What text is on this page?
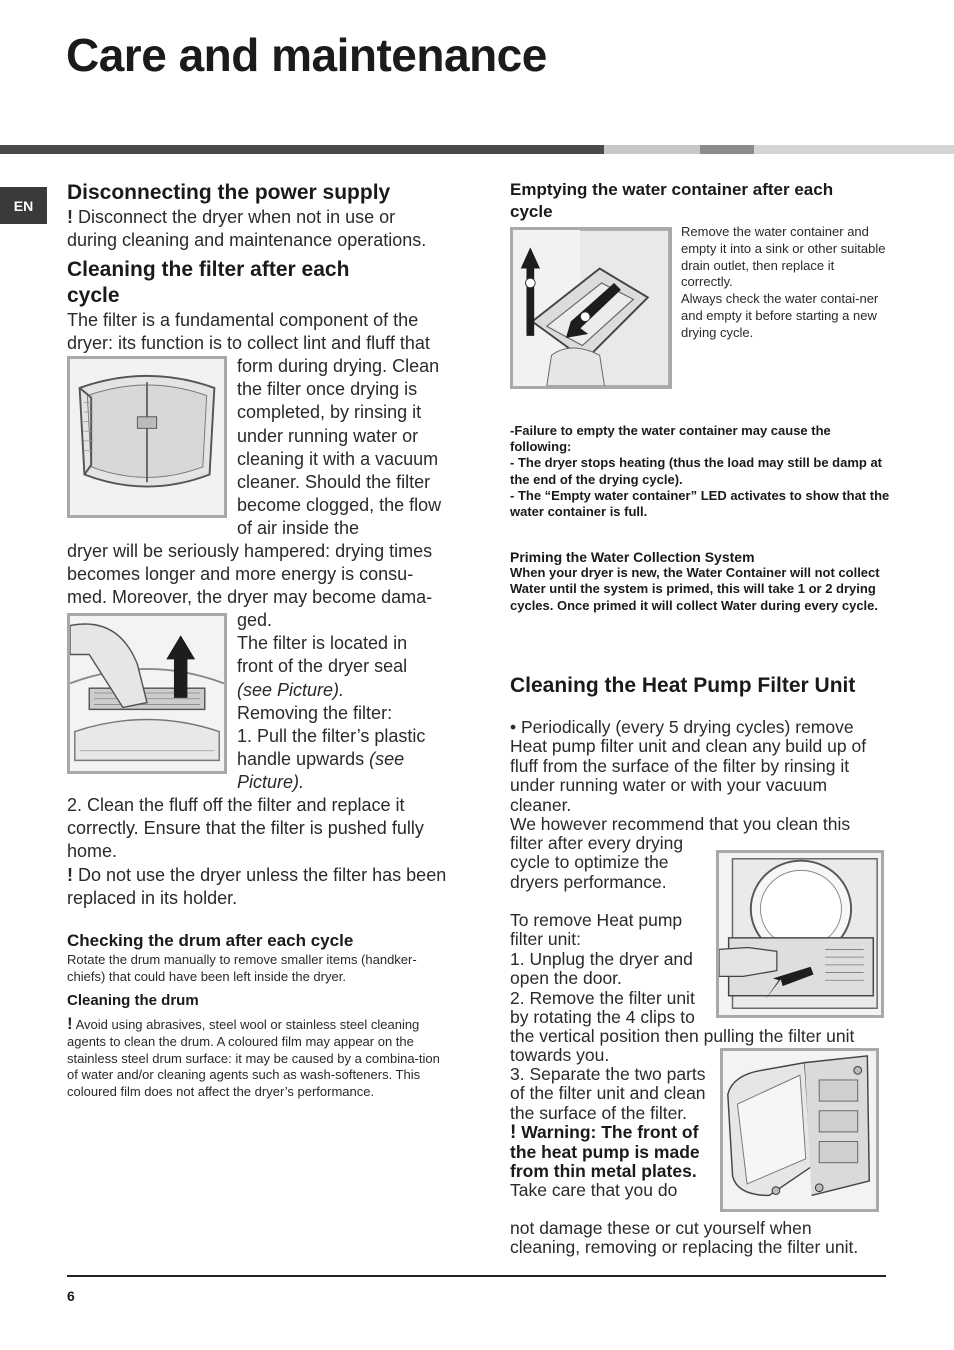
Care and maintenance
EN
Disconnecting the power supply

! Disconnect the dryer when not in use or during cleaning and maintenance operations.

Cleaning the filter after each cycle

The filter is a fundamental component of the dryer: its function is to collect lint and fluff that

form during drying. Clean the filter once drying is completed, by rinsing it under running water or cleaning it with a vacuum cleaner. Should the filter become clogged, the flow of air inside the

dryer will be seriously hampered: drying times becomes longer and more energy is consu-med. Moreover, the dryer may become dama-

ged.

The filter is located in front of the dryer seal (see Picture).

Removing the filter:

1. Pull the filter’s plastic handle upwards (see Picture).

2. Clean the fluff off the filter and replace it correctly. Ensure that the filter is pushed fully home.

! Do not use the dryer unless the filter has been replaced in its holder.

Checking the drum after each cycle

Rotate the drum manually to remove smaller items (handker-chiefs) that could have been left inside the dryer.

Cleaning the drum

! Avoid using abrasives, steel wool or stainless steel cleaning agents to clean the drum. A coloured film may appear on the stainless steel drum surface: it may be caused by a combina-tion of water and/or cleaning agents such as wash-softeners. This coloured film does not affect the dryer’s performance.

Emptying the water container after each cycle

Remove the water container and empty it into a sink or other suitable drain outlet, then replace it correctly.

Always check the water contai-ner and empty it before starting a new drying cycle.

-Failure to empty the water container may cause the following:

- The dryer stops heating (thus the load may still be damp at the end of the drying cycle).

- The “Empty water container” LED activates to show that the water container is full.

Priming the Water Collection System

When your dryer is new, the Water Container will not collect Water until the system is primed, this will take 1 or 2 drying cycles. Once primed it will collect Water during every cycle.

Cleaning the Heat Pump Filter Unit

• Periodically (every 5 drying cycles) remove Heat pump filter unit and clean any build up of fluff from the surface of the filter by rinsing it under running water or with your vacuum cleaner.

We however recommend that you clean this

filter after every drying cycle to optimize the dryers performance.

To remove Heat pump filter unit:

1. Unplug the dryer and open the door.

2. Remove the filter unit by rotating the 4 clips to

the vertical position then pulling the filter unit towards you.

3. Separate the two parts of the filter unit and clean the surface of the filter.

! Warning: The front of the heat pump is made from thin metal plates.

Take care that you do

not damage these or cut yourself when cleaning, removing or replacing the filter unit.

6
